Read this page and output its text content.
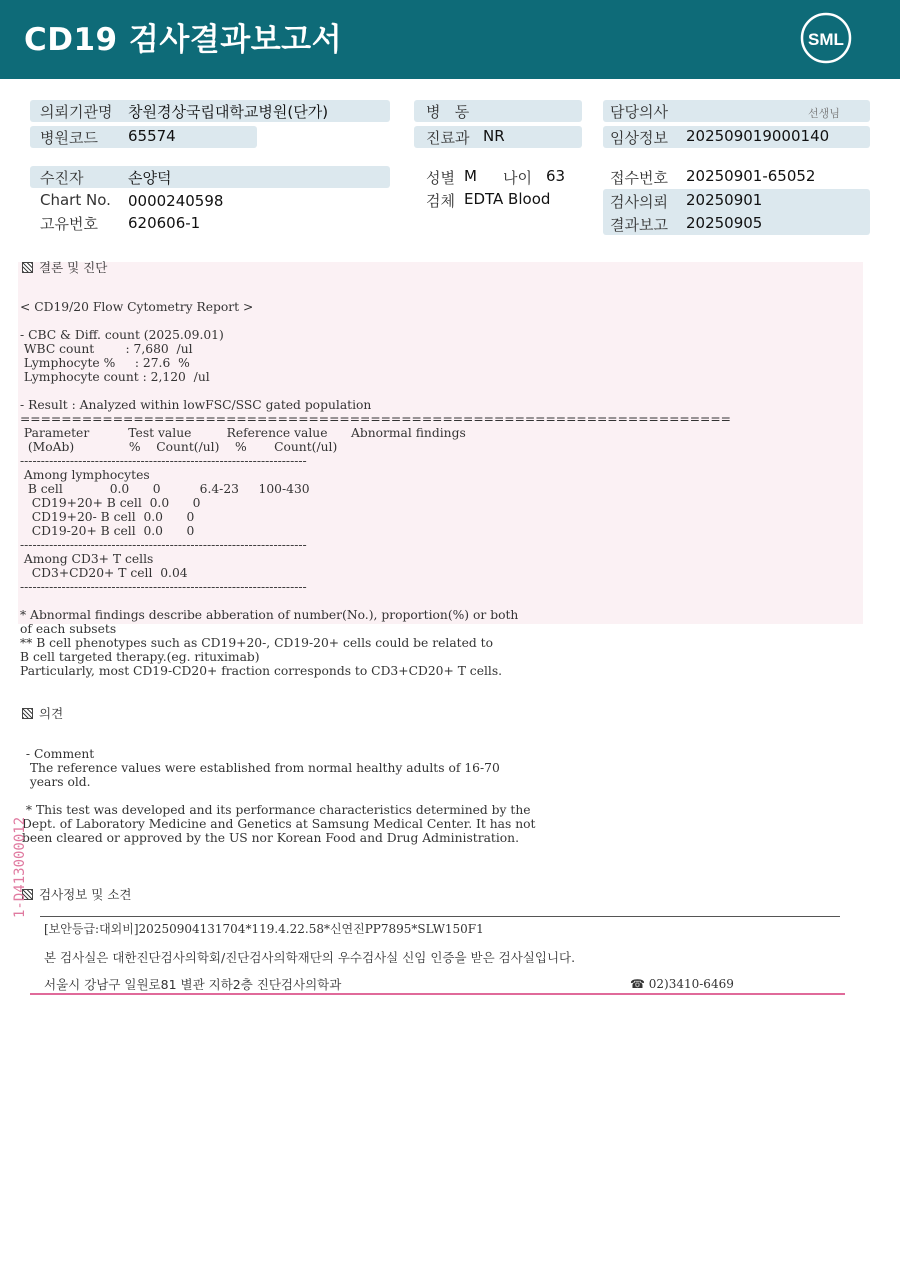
CD19 검사결과보고서	SML
의뢰기관명 창원경상국립대학교병원(단가)	병   동	담당의사	선생님
병원코드 65574	진료과 NR	임상정보 202509019000140
수진자	손양덕	성별 M 나이 63	접수번호 20250901-65052
Chart No. 0000240598	검체 EDTA Blood	검사의뢰 20250901
고유번호 620606-1	결과보고 20250905
결론 및 진단
< CD19/20 Flow Cytometry Report >

- CBC & Diff. count (2025.09.01)
WBC count        : 7,680  /ul
Lymphocyte %     : 27.6  %
Lymphocyte count : 2,120  /ul

- Result : Analyzed within lowFSC/SSC gated population
=====================================================================
Parameter          Test value         Reference value      Abnormal findings
(MoAb)              %    Count(/ul)    %       Count(/ul)
---------------------------------------------------------------------
Among lymphocytes
B cell            0.0      0          6.4-23     100-430
CD19+20+ B cell  0.0      0
CD19+20- B cell  0.0      0
CD19-20+ B cell  0.0      0
---------------------------------------------------------------------
Among CD3+ T cells
CD3+CD20+ T cell  0.04
---------------------------------------------------------------------

* Abnormal findings describe abberation of number(No.), proportion(%) or both
of each subsets
** B cell phenotypes such as CD19+20-, CD19-20+ cells could be related to
B cell targeted therapy.(eg. rituximab)
Particularly, most CD19-CD20+ fraction corresponds to CD3+CD20+ T cells.
의견
- Comment
The reference values were established from normal healthy adults of 16-70
years old.

* This test was developed and its performance characteristics determined by the
Dept. of Laboratory Medicine and Genetics at Samsung Medical Center. It has not
been cleared or approved by the US nor Korean Food and Drug Administration.
검사정보 및 소견
[보안등급:대외비]20250904131704*119.4.22.58*신연진PP7895*SLW150F1
본 검사실은 대한진단검사의학회/진단검사의학재단의 우수검사실 신임 인증을 받은 검사실입니다.
서울시 강남구 일원로81 별관 지하2층 진단검사의학과	☎ 02)3410-6469
1-D413000012
